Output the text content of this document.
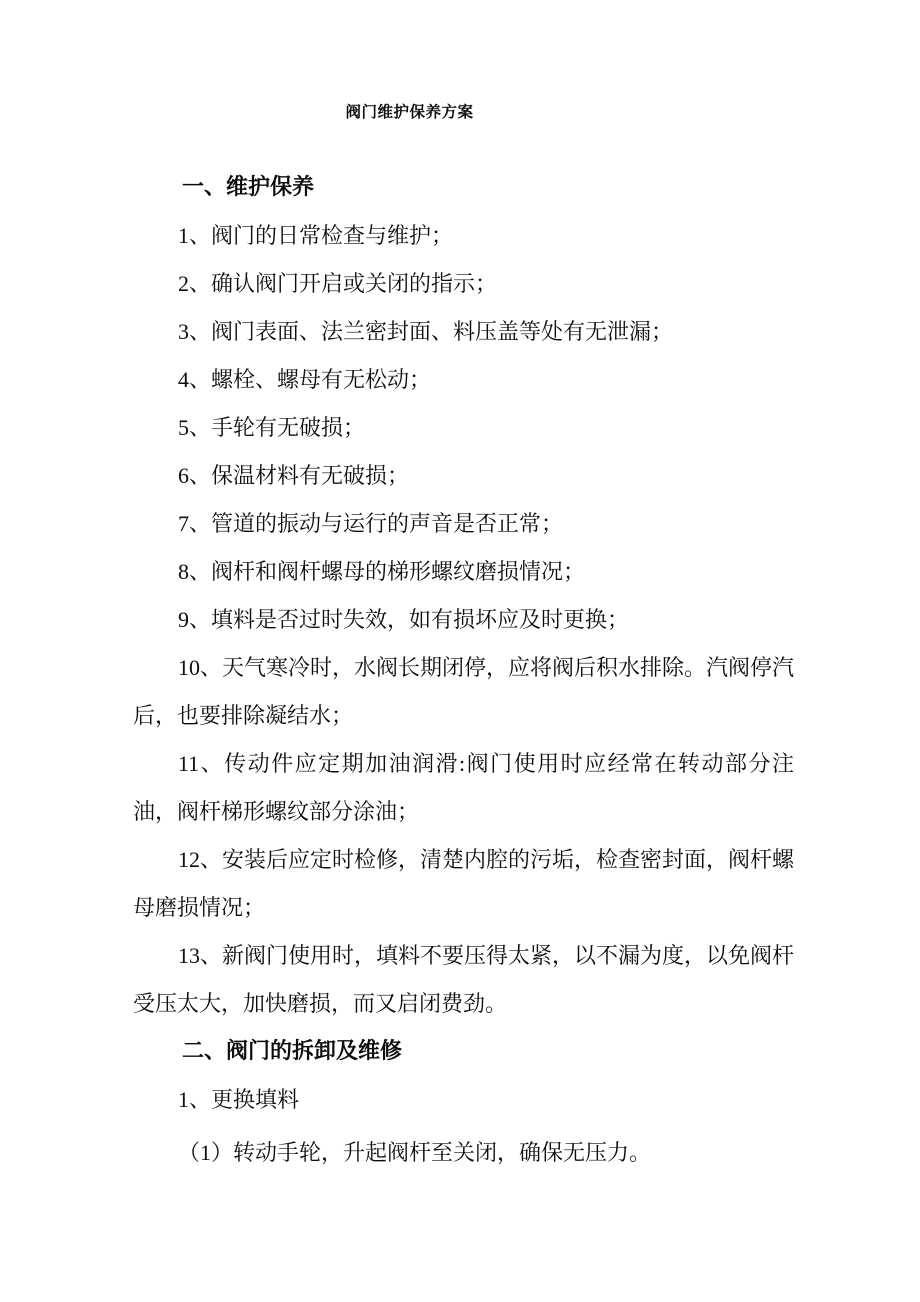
阀门维护保养方案
一、维护保养

1、阀门的日常检查与维护；

2、确认阀门开启或关闭的指示；

3、阀门表面、法兰密封面、料压盖等处有无泄漏；

4、螺栓、螺母有无松动；

5、手轮有无破损；

6、保温材料有无破损；

7、管道的振动与运行的声音是否正常；

8、阀杆和阀杆螺母的梯形螺纹磨损情况；

9、填料是否过时失效，如有损坏应及时更换；

10、天气寒冷时，水阀长期闭停，应将阀后积水排除。汽阀停汽后，也要排除凝结水；

11、传动件应定期加油润滑:阀门使用时应经常在转动部分注油，阀杆梯形螺纹部分涂油；

12、安装后应定时检修，清楚内腔的污垢，检查密封面，阀杆螺母磨损情况；

13、新阀门使用时，填料不要压得太紧，以不漏为度，以免阀杆受压太大，加快磨损，而又启闭费劲。

二、阀门的拆卸及维修

1、更换填料

（1）转动手轮，升起阀杆至关闭，确保无压力。
